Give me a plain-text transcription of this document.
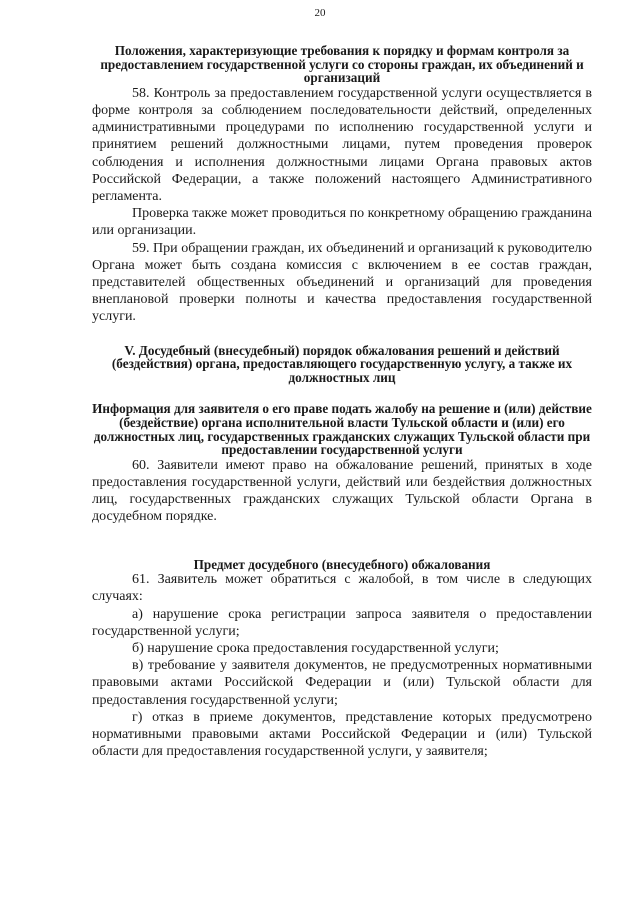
20
Положения, характеризующие требования к порядку и формам контроля за предоставлением государственной услуги со стороны граждан, их объединений и организаций

58. Контроль за предоставлением государственной услуги осуществляется в форме контроля за соблюдением последовательности действий, определенных административными процедурами по исполнению государственной услуги и принятием решений должностными лицами, путем проведения проверок соблюдения и исполнения должностными лицами Органа правовых актов Российской Федерации, а также положений настоящего Административного регламента.

Проверка также может проводиться по конкретному обращению гражданина или организации.

59. При обращении граждан, их объединений и организаций к руководителю Органа может быть создана комиссия с включением в ее состав граждан, представителей общественных объединений и организаций для проведения внеплановой проверки полноты и качества предоставления государственной услуги.

V. Досудебный (внесудебный) порядок обжалования решений и действий (бездействия) органа, предоставляющего государственную услугу, а также их должностных лиц
Информация для заявителя о его праве подать жалобу на решение и (или) действие (бездействие) органа исполнительной власти Тульской области и (или) его должностных лиц, государственных гражданских служащих Тульской области при предоставлении государственной услуги

60. Заявители имеют право на обжалование решений, принятых в ходе предоставления государственной услуги, действий или бездействия должностных лиц, государственных гражданских служащих Тульской области Органа в досудебном порядке.

Предмет досудебного (внесудебного) обжалования

61. Заявитель может обратиться с жалобой, в том числе в следующих случаях:

а) нарушение срока регистрации запроса заявителя о предоставлении государственной услуги;

б) нарушение срока предоставления государственной услуги;

в) требование у заявителя документов, не предусмотренных нормативными правовыми актами Российской Федерации и (или) Тульской области для предоставления государственной услуги;

г) отказ в приеме документов, представление которых предусмотрено нормативными правовыми актами Российской Федерации и (или) Тульской области для предоставления государственной услуги, у заявителя;
